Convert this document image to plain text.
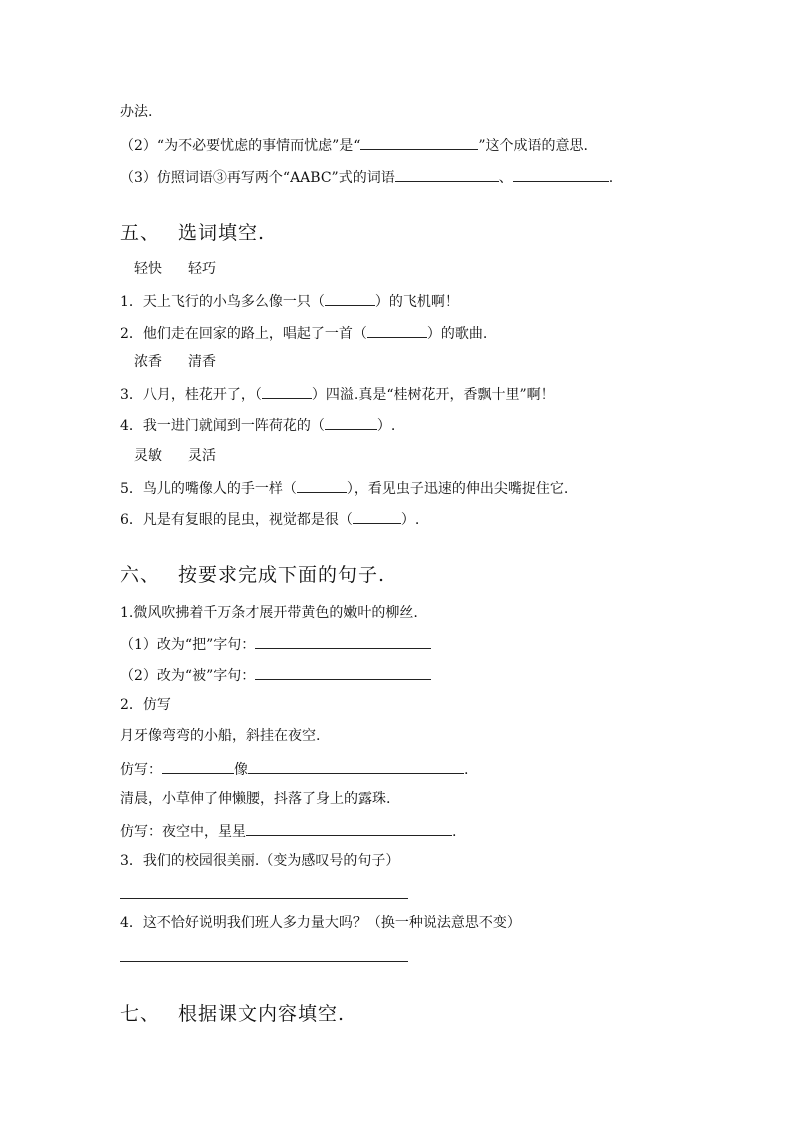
办法.
（2）“为不必要忧虑的事情而忧虑”是“	”这个成语的意思.
（3）仿照词语③再写两个“AABC”式的词语	、	.
五、 选词填空.
轻快 轻巧
1．天上飞行的小鸟多么像一只（	）的飞机啊！
2．他们走在回家的路上，唱起了一首（	）的歌曲.
浓香 清香
3．八月，桂花开了，（	）四溢.真是“桂树花开，香飘十里”啊！
4．我一进门就闻到一阵荷花的（	）.
灵敏 灵活
5．鸟儿的嘴像人的手一样（	），看见虫子迅速的伸出尖嘴捉住它.
6．凡是有复眼的昆虫，视觉都是很（	）.
六、 按要求完成下面的句子.
1.微风吹拂着千万条才展开带黄色的嫩叶的柳丝.
（1）改为“把”字句：
（2）改为“被”字句：
2．仿写
月牙像弯弯的小船，斜挂在夜空.
仿写：	像	.
清晨，小草伸了伸懒腰，抖落了身上的露珠.
仿写：夜空中，星星	.
3．我们的校园很美丽.（变为感叹号的句子）
4．这不恰好说明我们班人多力量大吗？（换一种说法意思不变）
七、 根据课文内容填空.
